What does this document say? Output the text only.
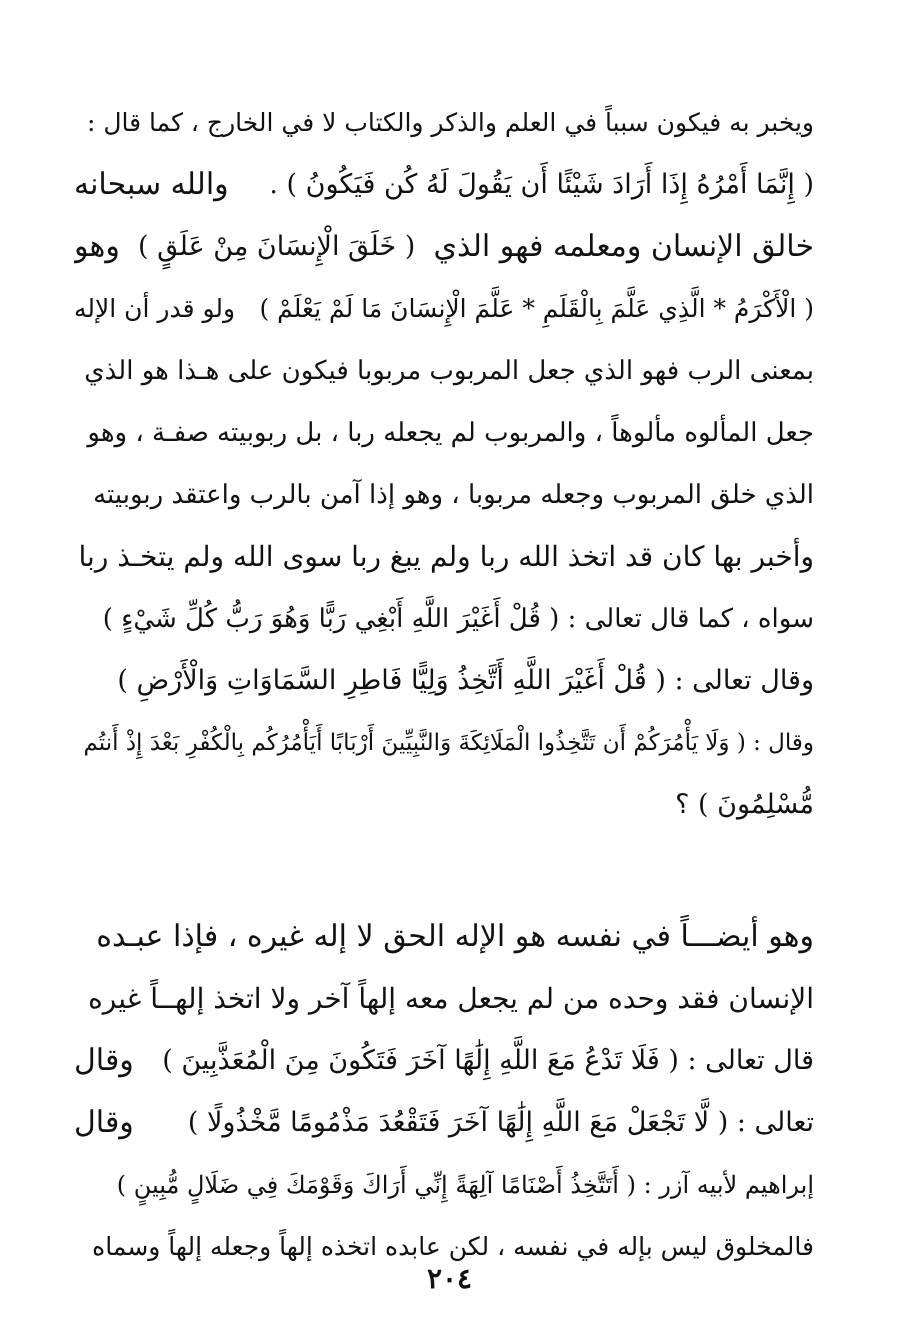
ويخبر به فيكون سبباً في العلم والذكر والكتاب لا في الخارج ، كما قال :
( إِنَّمَا أَمْرُهُ إِذَا أَرَادَ شَيْئًا أَن يَقُولَ لَهُ كُن فَيَكُونُ ) .
والله سبحانه
خالق الإنسان ومعلمه فهو الذي
( خَلَقَ الْإِنسَانَ مِنْ عَلَقٍ )
وهو
( الْأَكْرَمُ * الَّذِي عَلَّمَ بِالْقَلَمِ * عَلَّمَ الْإِنسَانَ مَا لَمْ يَعْلَمْ )
ولو قدر أن الإله
بمعنى الرب فهو الذي جعل المربوب مربوبا فيكون على هـذا هو الذي
جعل المألوه مألوهاً ، والمربوب لم يجعله ربا ، بل ربوبيته صفـة ، وهو
الذي خلق المربوب وجعله مربوبا ، وهو إذا آمن بالرب واعتقد ربوبيته
وأخبر بها كان قد اتخذ الله ربا ولم يبغ ربا سوى الله ولم يتخـذ ربا
سواه ، كما قال تعالى : ( قُلْ أَغَيْرَ اللَّهِ أَبْغِي رَبًّا وَهُوَ رَبُّ كُلِّ شَيْءٍ )
وقال تعالى : ( قُلْ أَغَيْرَ اللَّهِ أَتَّخِذُ وَلِيًّا فَاطِرِ السَّمَاوَاتِ وَالْأَرْضِ )
وقال : ( وَلَا يَأْمُرَكُمْ أَن تَتَّخِذُوا الْمَلَائِكَةَ وَالنَّبِيِّينَ أَرْبَابًا أَيَأْمُرُكُم بِالْكُفْرِ بَعْدَ إِذْ أَنتُم
مُّسْلِمُونَ ) ؟
وهو أيضـــاً في نفسه هو الإله الحق لا إله غيره ، فإذا عبـده
الإنسان فقد وحده من لم يجعل معه إلهاً آخر ولا اتخذ إلهــاً غيره
قال تعالى : ( فَلَا تَدْعُ مَعَ اللَّهِ إِلَٰهًا آخَرَ فَتَكُونَ مِنَ الْمُعَذَّبِينَ )
وقال
تعالى : ( لَّا تَجْعَلْ مَعَ اللَّهِ إِلَٰهًا آخَرَ فَتَقْعُدَ مَذْمُومًا مَّخْذُولًا )
وقال
إبراهيم لأبيه آزر : ( أَتَتَّخِذُ أَصْنَامًا آلِهَةً إِنِّي أَرَاكَ وَقَوْمَكَ فِي ضَلَالٍ مُّبِينٍ )
فالمخلوق ليس بإله في نفسه ، لكن عابده اتخذه إلهاً وجعله إلهاً وسماه
٢٠٤
